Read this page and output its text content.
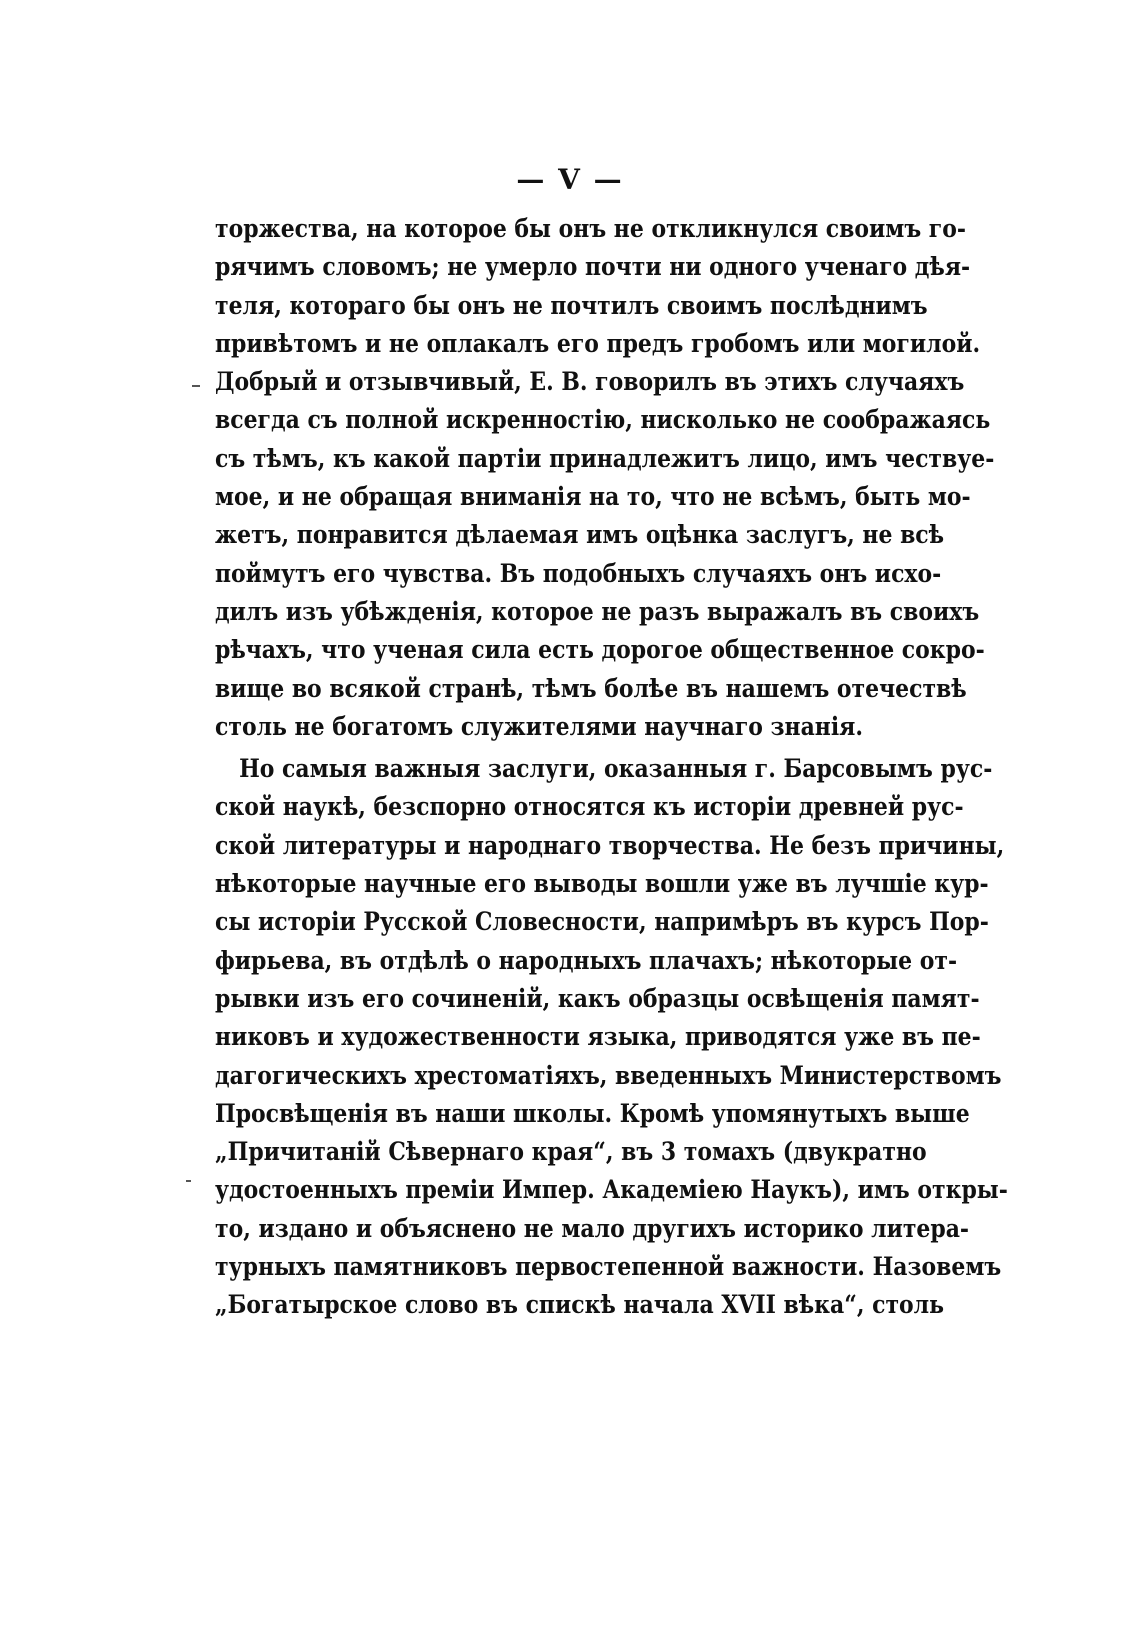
— V —
торжества, на которое бы онъ не откликнулся своимъ го-
рячимъ словомъ; не умерло почти ни одного ученаго дѣя-
теля, котораго бы онъ не почтилъ своимъ послѣднимъ
привѣтомъ и не оплакалъ его предъ гробомъ или могилой.
Добрый и отзывчивый, Е. В. говорилъ въ этихъ случаяхъ
всегда съ полной искренностію, нисколько не соображаясь
съ тѣмъ, къ какой партіи принадлежитъ лицо, имъ чествуе-
мое, и не обращая вниманія на то, что не всѣмъ, быть мо-
жетъ, понравится дѣлаемая имъ оцѣнка заслугъ, не всѣ
поймутъ его чувства. Въ подобныхъ случаяхъ онъ исхо-
дилъ изъ убѣжденія, которое не разъ выражалъ въ своихъ
рѣчахъ, что ученая сила есть дорогое общественное сокро-
вище во всякой странѣ, тѣмъ болѣе въ нашемъ отечествѣ
столь не богатомъ служителями научнаго знанія.
Но самыя важныя заслуги, оказанныя г. Барсовымъ рус-
ской наукѣ, безспорно относятся къ исторіи древней рус-
ской литературы и народнаго творчества. Не безъ причины,
нѣкоторые научные его выводы вошли уже въ лучшіе кур-
сы исторіи Русской Словесности, напримѣръ въ курсъ Пор-
фирьева, въ отдѣлѣ о народныхъ плачахъ; нѣкоторые от-
рывки изъ его сочиненій, какъ образцы освѣщенія памят-
никовъ и художественности языка, приводятся уже въ пе-
дагогическихъ хрестоматіяхъ, введенныхъ Министерствомъ
Просвѣщенія въ наши школы. Кромѣ упомянутыхъ выше
„Причитаній Сѣвернаго края“, въ 3 томахъ (двукратно
удостоенныхъ преміи Импер. Академіею Наукъ), имъ откры-
то, издано и объяснено не мало другихъ историко литера-
турныхъ памятниковъ первостепенной важности. Назовемъ
„Богатырское слово въ спискѣ начала XVII вѣка“, столь
